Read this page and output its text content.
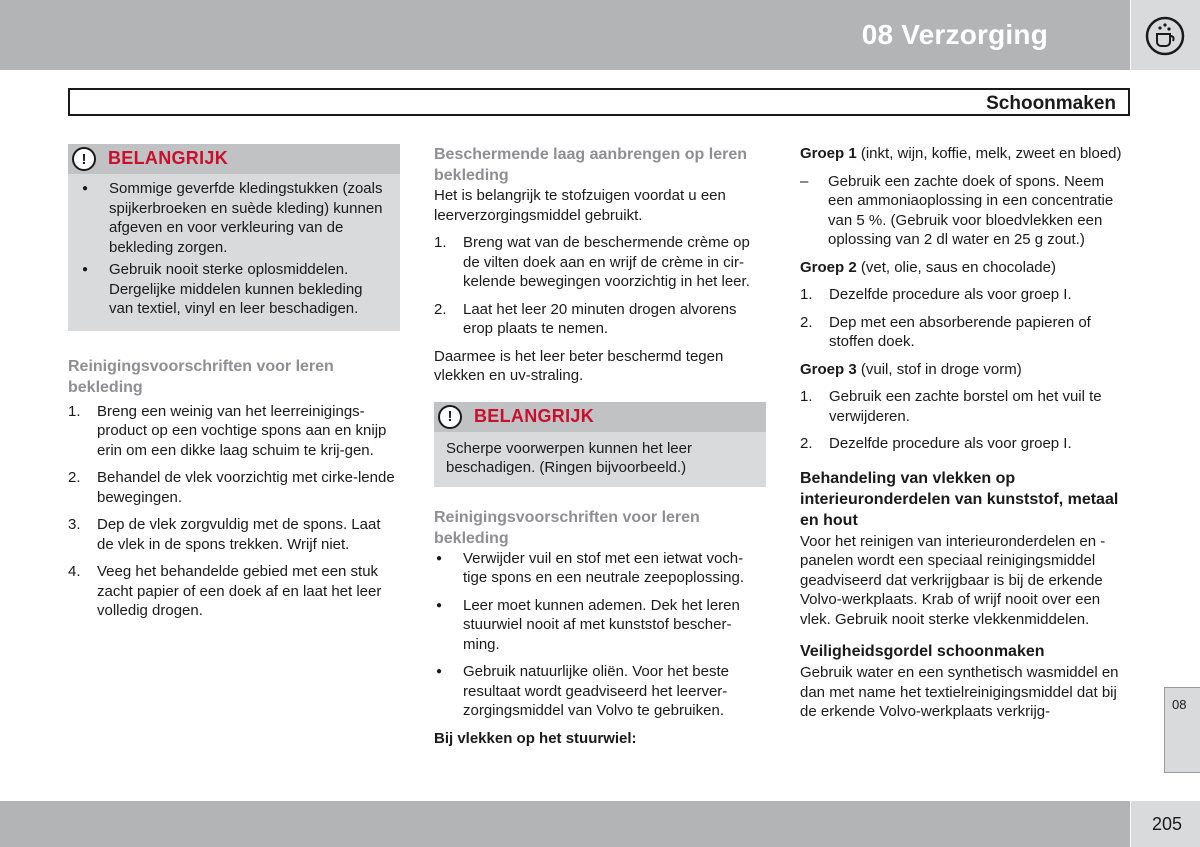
08 Verzorging
Schoonmaken
!	BELANGRIJK
● Sommige geverfde kledingstukken (zoals spijkerbroeken en suède kleding) kunnen afgeven en voor verkleuring van de bekleding zorgen.
● Gebruik nooit sterke oplosmiddelen. Dergelijke middelen kunnen bekleding van textiel, vinyl en leer beschadigen.
Reinigingsvoorschriften voor leren bekleding
1. Breng een weinig van het leerreinigings-product op een vochtige spons aan en knijp erin om een dikke laag schuim te krij-gen.
2. Behandel de vlek voorzichtig met cirke-lende bewegingen.
3. Dep de vlek zorgvuldig met de spons. Laat de vlek in de spons trekken. Wrijf niet.
4. Veeg het behandelde gebied met een stuk zacht papier of een doek af en laat het leer volledig drogen.
Beschermende laag aanbrengen op leren bekleding

Het is belangrijk te stofzuigen voordat u een leerverzorgingsmiddel gebruikt.

1. Breng wat van de beschermende crème op de vilten doek aan en wrijf de crème in cir-kelende bewegingen voorzichtig in het leer.
2. Laat het leer 20 minuten drogen alvorens erop plaats te nemen.

Daarmee is het leer beter beschermd tegen vlekken en uv-straling.

!	BELANGRIJK
Scherpe voorwerpen kunnen het leer beschadigen. (Ringen bijvoorbeeld.)
Reinigingsvoorschriften voor leren bekleding
● Verwijder vuil en stof met een ietwat voch-tige spons en een neutrale zeepoplossing.
● Leer moet kunnen ademen. Dek het leren stuurwiel nooit af met kunststof bescher-ming.
● Gebruik natuurlijke oliën. Voor het beste resultaat wordt geadviseerd het leerver-zorgingsmiddel van Volvo te gebruiken.
Bij vlekken op het stuurwiel:
Groep 1 (inkt, wijn, koffie, melk, zweet en bloed)
– Gebruik een zachte doek of spons. Neem een ammoniaoplossing in een concentratie van 5 %. (Gebruik voor bloedvlekken een oplossing van 2 dl water en 25 g zout.)
Groep 2 (vet, olie, saus en chocolade)
1. Dezelfde procedure als voor groep I.
2. Dep met een absorberende papieren of stoffen doek.
Groep 3 (vuil, stof in droge vorm)
1. Gebruik een zachte borstel om het vuil te verwijderen.
2. Dezelfde procedure als voor groep I.
Behandeling van vlekken op interieuronderdelen van kunststof, metaal en hout

Voor het reinigen van interieuronderdelen en -panelen wordt een speciaal reinigingsmiddel geadviseerd dat verkrijgbaar is bij de erkende Volvo-werkplaats. Krab of wrijf nooit over een vlek. Gebruik nooit sterke vlekkenmiddelen.

Veiligheidsgordel schoonmaken

Gebruik water en een synthetisch wasmiddel en dan met name het textielreinigingsmiddel dat bij de erkende Volvo-werkplaats verkrijg-	08
205
